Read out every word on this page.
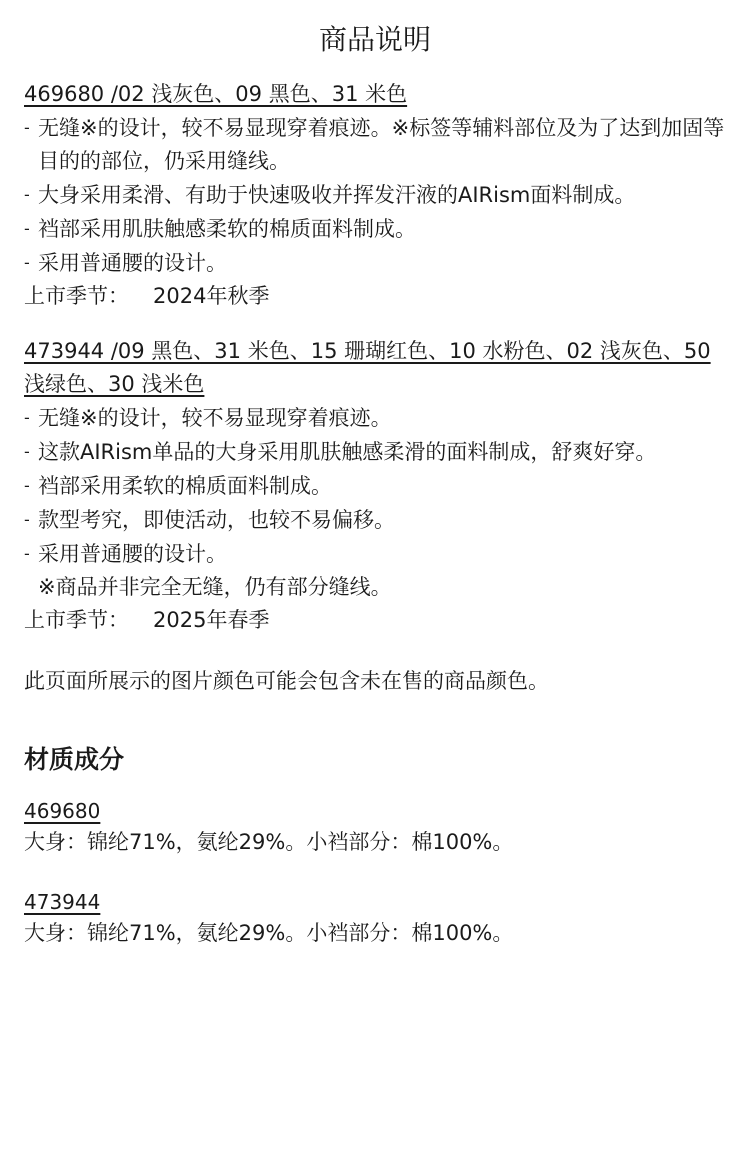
商品说明
469680 /02 浅灰色、09 黑色、31 米色
- 无缝※的设计，较不易显现穿着痕迹。※标签等辅料部位及为了达到加固等目的的部位，仍采用缝线。
- 大身采用柔滑、有助于快速吸收并挥发汗液的AIRism面料制成。
- 裆部采用肌肤触感柔软的棉质面料制成。
- 采用普通腰的设计。
上市季节： 2024年秋季
473944 /09 黑色、31 米色、15 珊瑚红色、10 水粉色、02 浅灰色、50 浅绿色、30 浅米色
- 无缝※的设计，较不易显现穿着痕迹。
- 这款AIRism单品的大身采用肌肤触感柔滑的面料制成，舒爽好穿。
- 裆部采用柔软的棉质面料制成。
- 款型考究，即使活动，也较不易偏移。
- 采用普通腰的设计。
※商品并非完全无缝，仍有部分缝线。
上市季节： 2025年春季
此页面所展示的图片颜色可能会包含未在售的商品颜色。
材质成分
469680
大身：锦纶71%，氨纶29%。小裆部分：棉100%。
473944
大身：锦纶71%，氨纶29%。小裆部分：棉100%。
